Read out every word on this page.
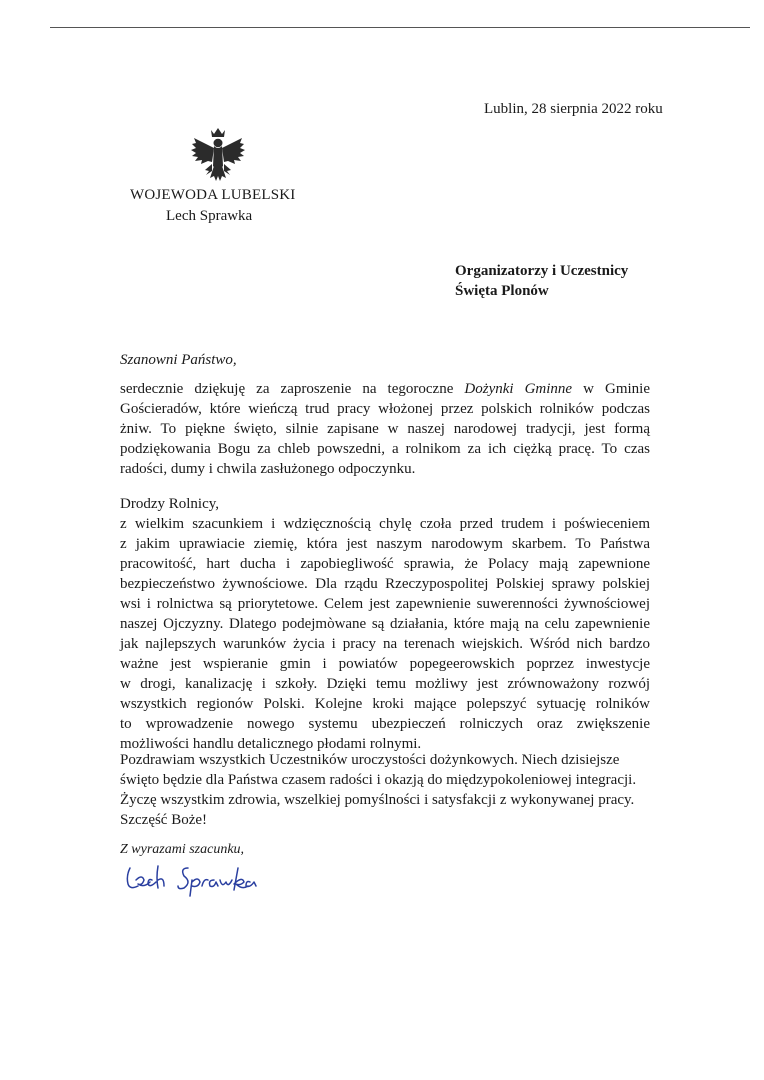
Lublin, 28 sierpnia 2022 roku
WOJEWODA LUBELSKI
Lech Sprawka
Organizatorzy i Uczestnicy
Święta Plonów
Szanowni Państwo,
serdecznie dziękuję za zaproszenie na tegoroczne Dożynki Gminne w Gminie
Gościeradów, które wieńczą trud pracy włożonej przez polskich rolników podczas
żniw. To piękne święto, silnie zapisane w naszej narodowej tradycji, jest formą
podziękowania Bogu za chleb powszedni, a rolnikom za ich ciężką pracę. To czas
radości, dumy i chwila zasłużonego odpoczynku.
Drodzy Rolnicy,
z wielkim szacunkiem i wdzięcznością chylę czoła przed trudem i poświeceniem
z jakim uprawiacie ziemię, która jest naszym narodowym skarbem. To Państwa
pracowitość, hart ducha i zapobiegliwość sprawia, że Polacy mają zapewnione
bezpieczeństwo żywnościowe. Dla rządu Rzeczypospolitej Polskiej sprawy polskiej
wsi i rolnictwa są priorytetowe. Celem jest zapewnienie suwerenności żywnościowej
naszej Ojczyzny. Dlatego podejmòwane są działania, które mają na celu zapewnienie
jak najlepszych warunków życia i pracy na terenach wiejskich. Wśród nich bardzo
ważne jest wspieranie gmin i powiatów popegeerowskich poprzez inwestycje
w drogi, kanalizację i szkoły. Dzięki temu możliwy jest zrównoważony rozwój
wszystkich regionów Polski. Kolejne kroki mające polepszyć sytuację rolników
to wprowadzenie nowego systemu ubezpieczeń rolniczych oraz zwiększenie
możliwości handlu detalicznego płodami rolnymi.
Pozdrawiam wszystkich Uczestników uroczystości dożynkowych. Niech dzisiejsze
święto będzie dla Państwa czasem radości i okazją do międzypokoleniowej integracji.
Życzę wszystkim zdrowia, wszelkiej pomyślności i satysfakcji z wykonywanej pracy.
Szczęść Boże!
Z wyrazami szacunku,
